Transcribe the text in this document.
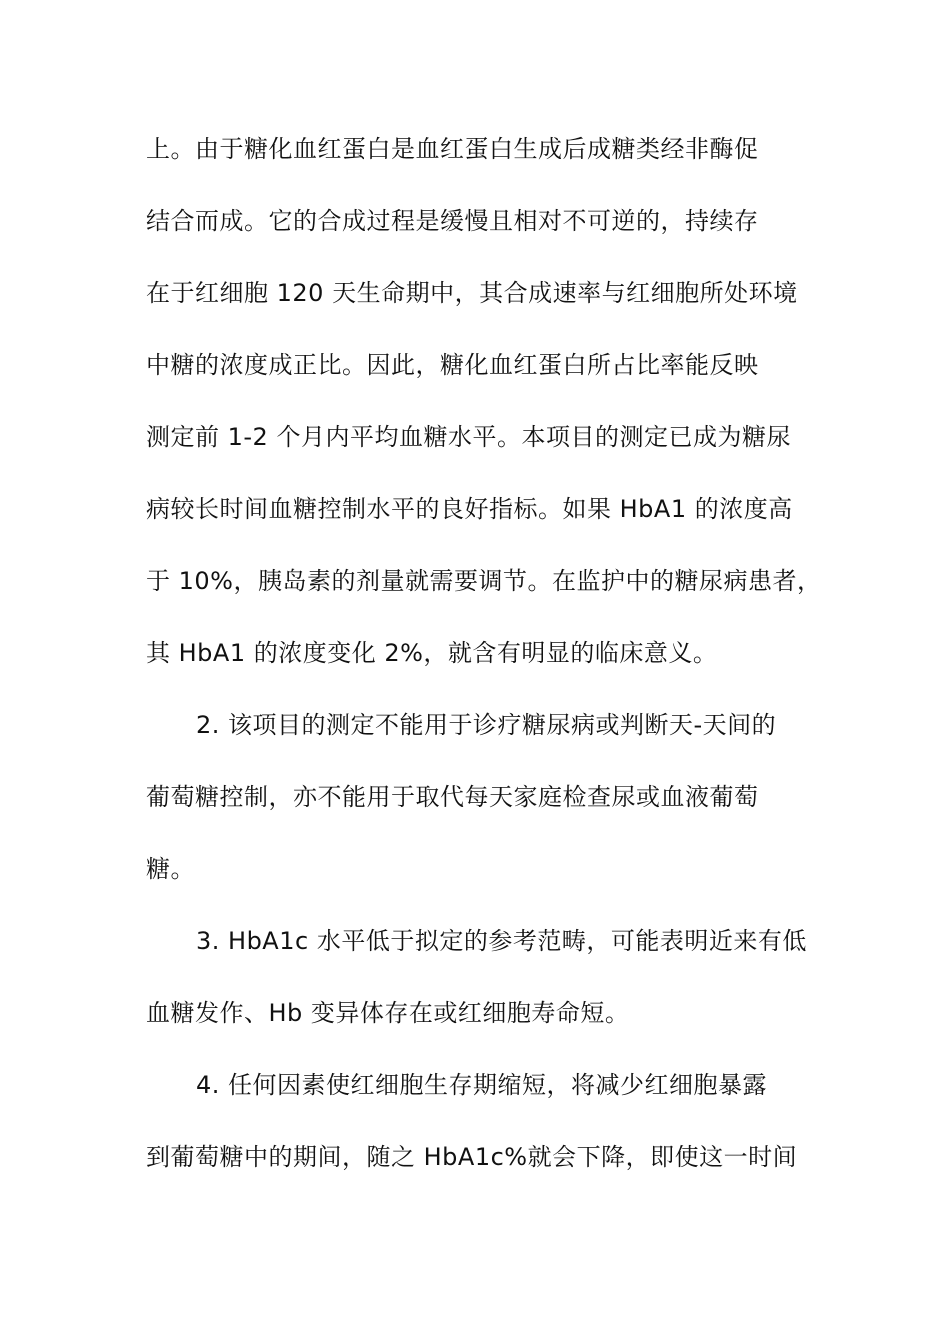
上。由于糖化血红蛋白是血红蛋白生成后成糖类经非酶促
结合而成。它的合成过程是缓慢且相对不可逆的，持续存
在于红细胞 120 天生命期中，其合成速率与红细胞所处环境
中糖的浓度成正比。因此，糖化血红蛋白所占比率能反映
测定前 1-2 个月内平均血糖水平。本项目的测定已成为糖尿
病较长时间血糖控制水平的良好指标。如果 HbA1 的浓度高
于 10%，胰岛素的剂量就需要调节。在监护中的糖尿病患者，
其 HbA1 的浓度变化 2%，就含有明显的临床意义。
2. 该项目的测定不能用于诊疗糖尿病或判断天-天间的
葡萄糖控制，亦不能用于取代每天家庭检查尿或血液葡萄
糖。
3. HbA1c 水平低于拟定的参考范畴，可能表明近来有低
血糖发作、Hb 变异体存在或红细胞寿命短。
4. 任何因素使红细胞生存期缩短，将减少红细胞暴露
到葡萄糖中的期间，随之 HbA1c%就会下降，即使这一时间
